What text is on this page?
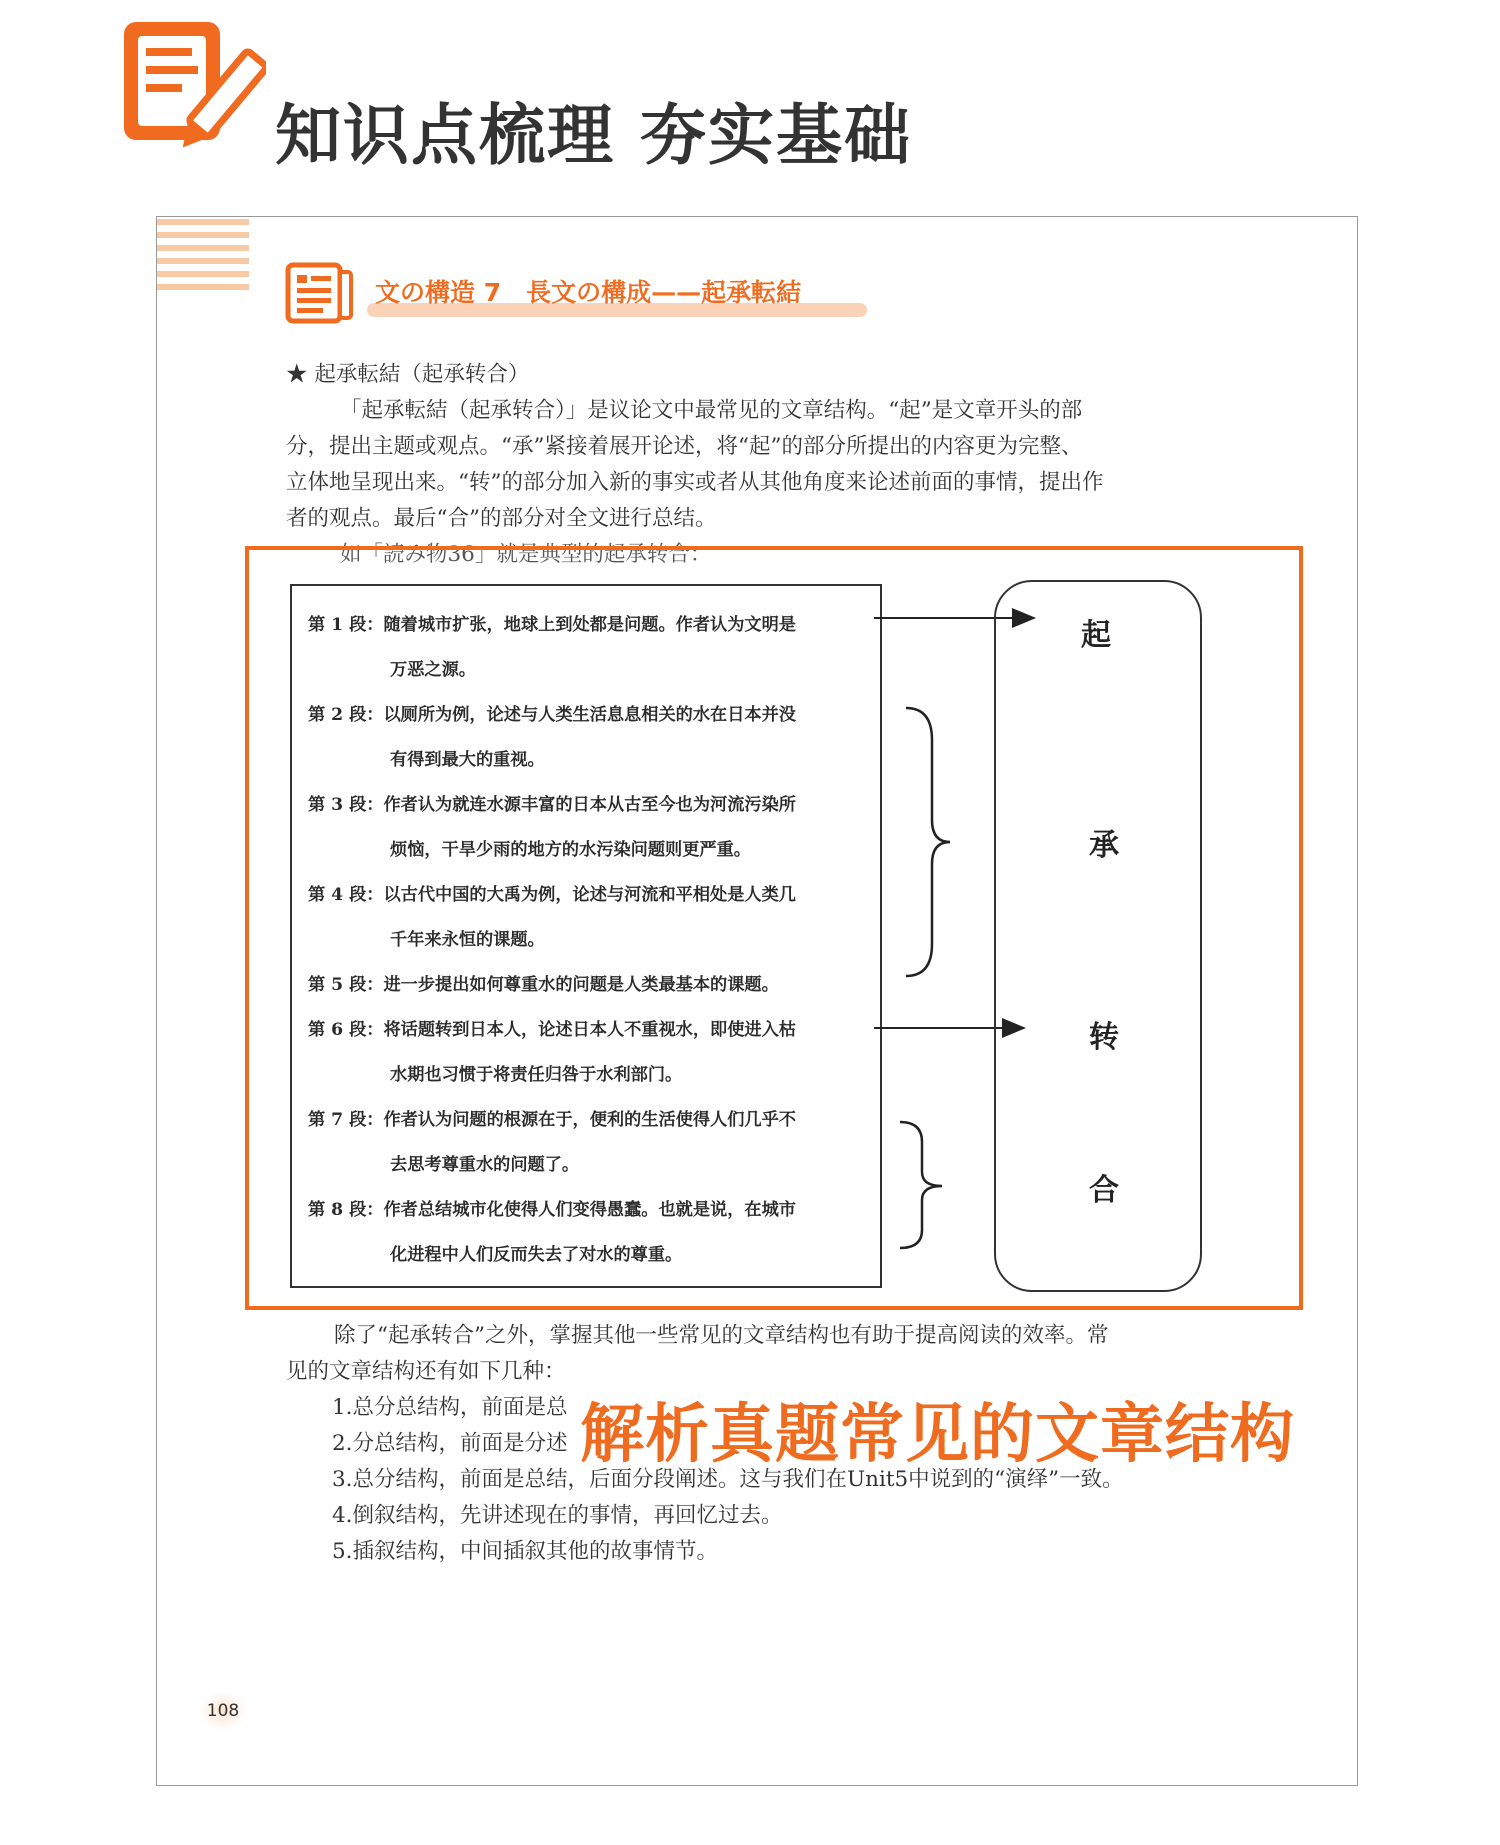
知识点梳理 夯实基础
文の構造 7　長文の構成——起承転結
★ 起承転結（起承转合）
「起承転結（起承转合）」是议论文中最常见的文章结构。“起”是文章开头的部
分，提出主题或观点。“承”紧接着展开论述，将“起”的部分所提出的内容更为完整、
立体地呈现出来。“转”的部分加入新的事实或者从其他角度来论述前面的事情，提出作
者的观点。最后“合”的部分对全文进行总结。
如「読み物36」就是典型的起承转合：
第 1 段：随着城市扩张，地球上到处都是问题。作者认为文明是
万恶之源。
第 2 段：以厕所为例，论述与人类生活息息相关的水在日本并没
有得到最大的重视。
第 3 段：作者认为就连水源丰富的日本从古至今也为河流污染所
烦恼，干旱少雨的地方的水污染问题则更严重。
第 4 段：以古代中国的大禹为例，论述与河流和平相处是人类几
千年来永恒的课题。
第 5 段：进一步提出如何尊重水的问题是人类最基本的课题。
第 6 段：将话题转到日本人，论述日本人不重视水，即使进入枯
水期也习惯于将责任归咎于水利部门。
第 7 段：作者认为问题的根源在于，便利的生活使得人们几乎不
去思考尊重水的问题了。
第 8 段：作者总结城市化使得人们变得愚蠢。也就是说，在城市
化进程中人们反而失去了对水的尊重。
起
承
转
合
除了“起承转合”之外，掌握其他一些常见的文章结构也有助于提高阅读的效率。常
见的文章结构还有如下几种：
1.总分总结构，前面是总
2.分总结构，前面是分述
3.总分结构，前面是总结，后面分段阐述。这与我们在Unit5中说到的“演绎”一致。
4.倒叙结构，先讲述现在的事情，再回忆过去。
5.插叙结构，中间插叙其他的故事情节。
解析真题常见的文章结构
108
